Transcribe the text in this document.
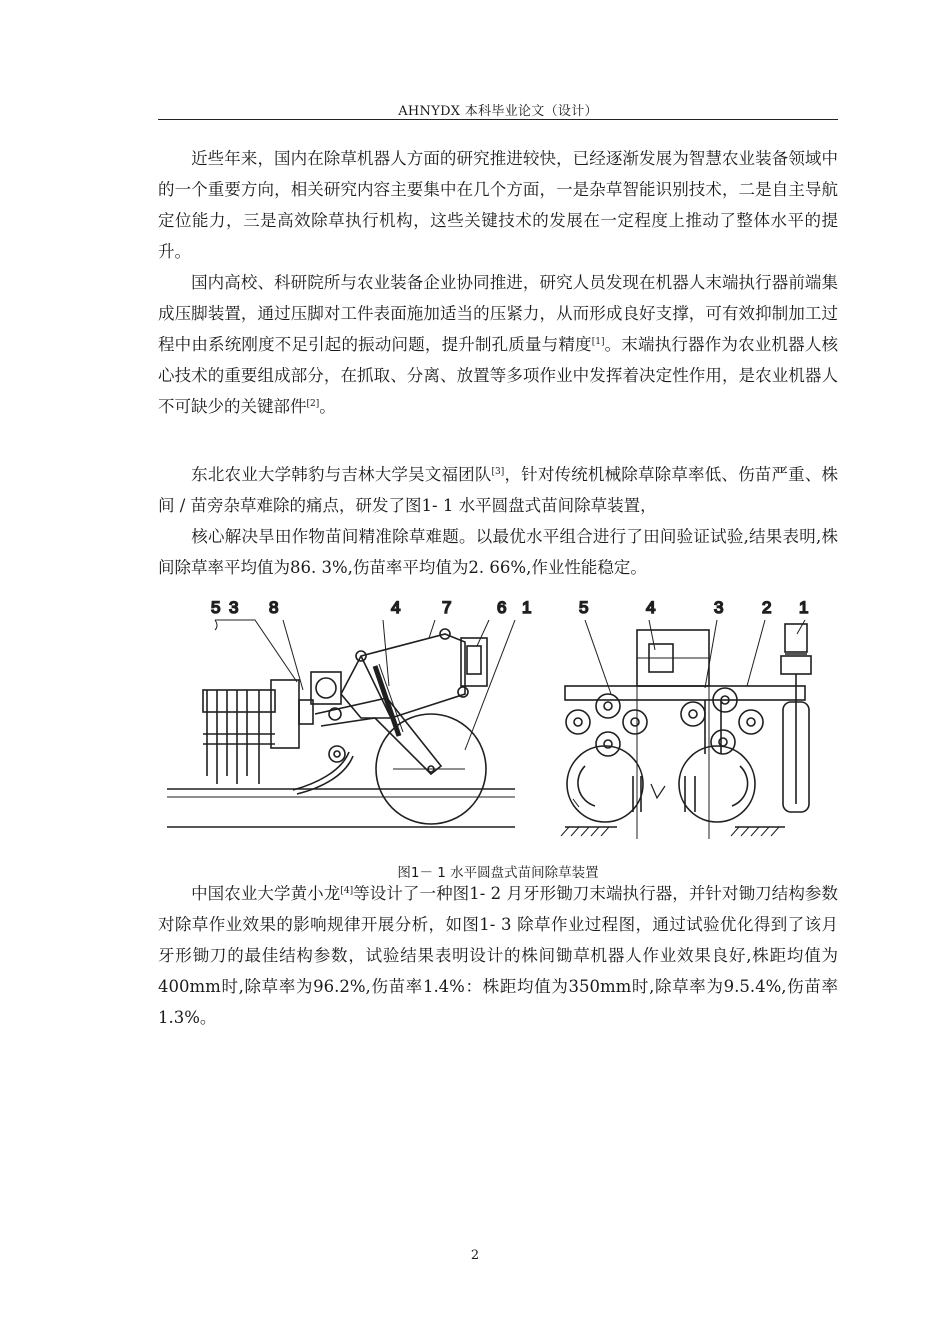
AHNYDX 本科毕业论文（设计）

近些年来，国内在除草机器人方面的研究推进较快，已经逐渐发展为智慧农业装备领域中的一个重要方向，相关研究内容主要集中在几个方面，一是杂草智能识别技术，二是自主导航定位能力，三是高效除草执行机构，这些关键技术的发展在一定程度上推动了整体水平的提升。

国内高校、科研院所与农业装备企业协同推进，研究人员发现在机器人末端执行器前端集成压脚装置，通过压脚对工件表面施加适当的压紧力，从而形成良好支撑，可有效抑制加工过程中由系统刚度不足引起的振动问题，提升制孔质量与精度[1]。末端执行器作为农业机器人核心技术的重要组成部分，在抓取、分离、放置等多项作业中发挥着决定性作用，是农业机器人不可缺少的关键部件[2]。

东北农业大学韩豹与吉林大学吴文福团队[3]，针对传统机械除草除草率低、伤苗严重、株间 / 苗旁杂草难除的痛点，研发了图1- 1 水平圆盘式苗间除草装置，

核心解决旱田作物苗间精准除草难题。以最优水平组合进行了田间验证试验,结果表明,株间除草率平均值为86. 3%,伤苗率平均值为2. 66%,作业性能稳定。

5 3 8	4 7	6 1	5	4	3 2 1
图1－ 1 水平圆盘式苗间除草装置

中国农业大学黄小龙[4]等设计了一种图1- 2 月牙形锄刀末端执行器，并针对锄刀结构参数对除草作业效果的影响规律开展分析，如图1- 3 除草作业过程图，通过试验优化得到了该月牙形锄刀的最佳结构参数，试验结果表明设计的株间锄草机器人作业效果良好,株距均值为400mm时,除草率为96.2%,伤苗率1.4%：株距均值为350mm时,除草率为9.5.4%,伤苗率1.3%。

2
